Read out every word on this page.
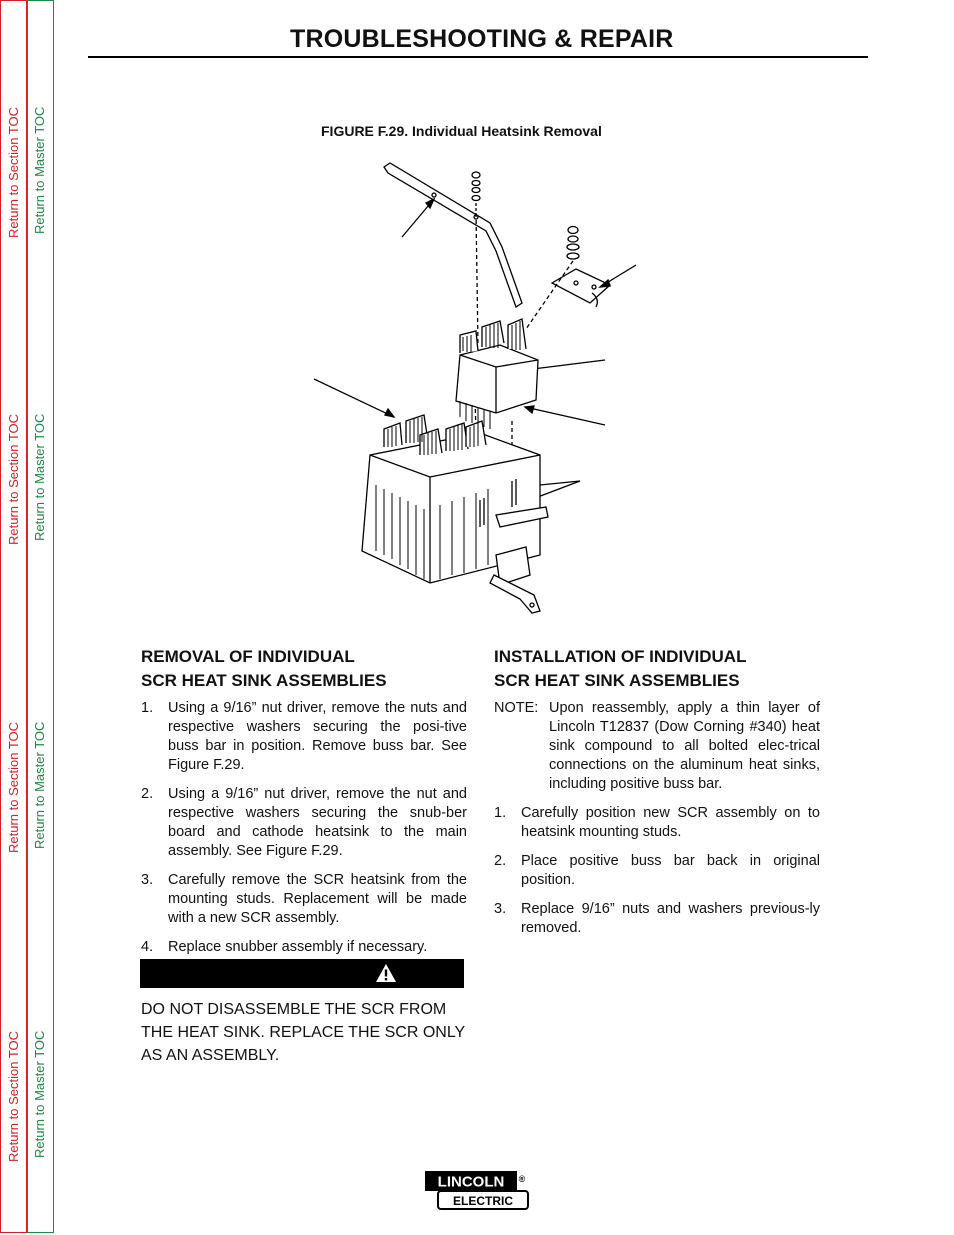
Return to Section TOC Return to Master TOC
Return to Section TOC Return to Master TOC
Return to Section TOC Return to Master TOC
Return to Section TOC Return to Master TOC
TROUBLESHOOTING & REPAIR
FIGURE F.29. Individual Heatsink Removal
REMOVAL OF INDIVIDUAL
SCR HEAT SINK ASSEMBLIES
1. Using a 9/16” nut driver, remove the nuts and respective washers securing the posi-tive buss bar in position. Remove buss bar. See Figure F.29.
2. Using a 9/16” nut driver, remove the nut and respective washers securing the snub-ber board and cathode heatsink to the main assembly. See Figure F.29.
3. Carefully remove the SCR heatsink from the mounting studs. Replacement will be made with a new SCR assembly.
4. Replace snubber assembly if necessary.
DO NOT DISASSEMBLE THE SCR FROM THE HEAT SINK. REPLACE THE SCR ONLY AS AN ASSEMBLY.
INSTALLATION OF INDIVIDUAL
SCR HEAT SINK ASSEMBLIES
NOTE: Upon reassembly, apply a thin layer of Lincoln T12837 (Dow Corning #340) heat sink compound to all bolted elec-trical connections on the aluminum heat sinks, including positive buss bar.
1. Carefully position new SCR assembly on to heatsink mounting studs.
2. Place positive buss bar back in original position.
3. Replace 9/16” nuts and washers previous-ly removed.
LINCOLN ®
ELECTRIC
